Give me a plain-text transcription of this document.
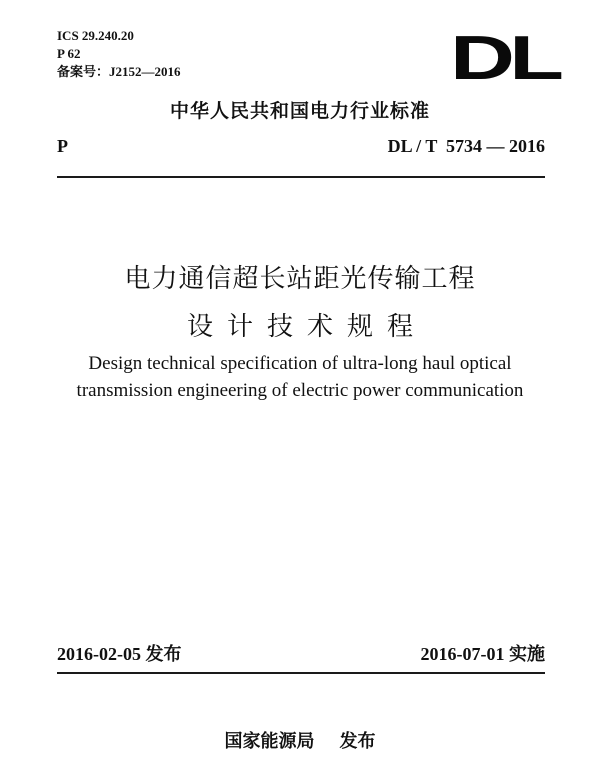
ICS 29.240.20
P 62
备案号：J2152—2016	DL
中华人民共和国电力行业标准
P	DL / T  5734 — 2016
电力通信超长站距光传输工程
设计技术规程
Design technical specification of ultra-long haul optical
transmission engineering of electric power communication
2016-02-05 发布	2016-07-01 实施
国家能源局    发布
